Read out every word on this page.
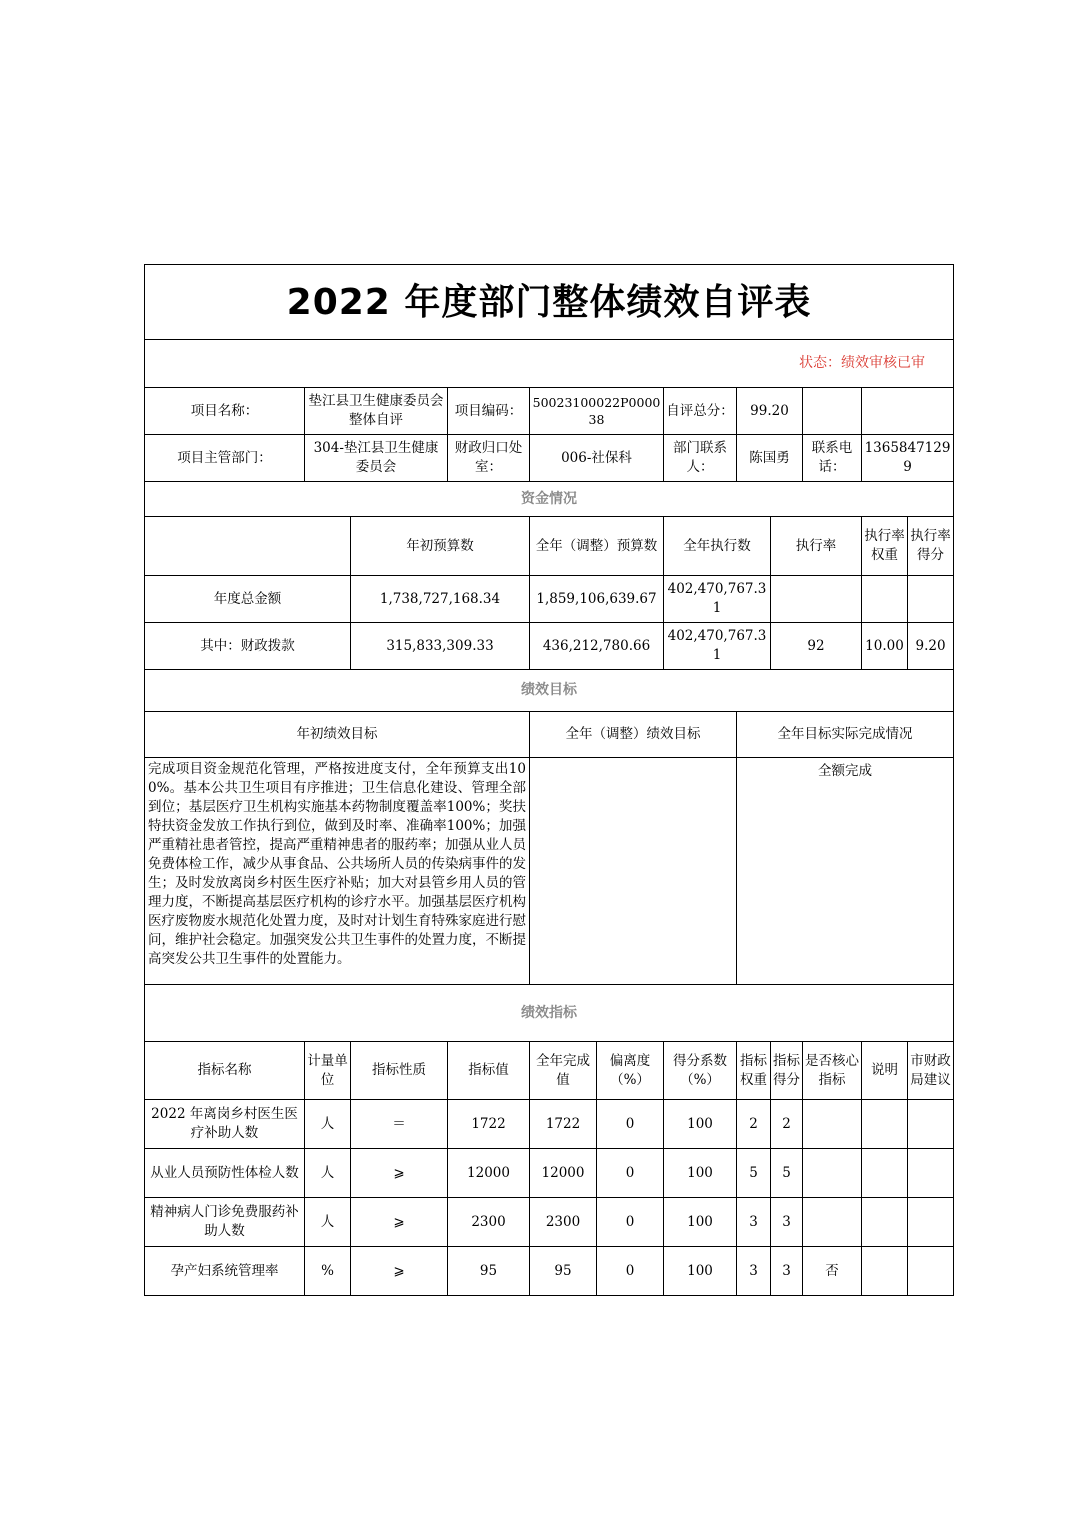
2022 年度部门整体绩效自评表											
状态：绩效审核已审											
项目名称：	垫江县卫生健康委员会整体自评		项目编码：	50023100022P000038		自评总分：	99.20				
项目主管部门：	304-垫江县卫生健康委员会		财政归口处室：	006-社保科		部门联系人：	陈国勇		联系电话：	13658471299	
资金情况											
		年初预算数		全年（调整）预算数		全年执行数		执行率		执行率权重	执行率得分
年度总金额		1,738,727,168.34		1,859,106,639.67		402,470,767.31					
其中：财政拨款		315,833,309.33		436,212,780.66		402,470,767.31		92		10.00	9.20
绩效目标											
年初绩效目标				全年（调整）绩效目标			全年目标实际完成情况				
完成项目资金规范化管理，严格按进度支付，全年预算支出100%。基本公共卫生项目有序推进；卫生信息化建设、管理全部到位；基层医疗卫生机构实施基本药物制度覆盖率100%；奖扶特扶资金发放工作执行到位，做到及时率、准确率100%；加强严重精社患者管控，提高严重精神患者的服药率；加强从业人员免费体检工作，减少从事食品、公共场所人员的传染病事件的发生；及时发放离岗乡村医生医疗补贴；加大对县管乡用人员的管理力度，不断提高基层医疗机构的诊疗水平。加强基层医疗机构医疗废物废水规范化处置力度，及时对计划生育特殊家庭进行慰问，维护社会稳定。加强突发公共卫生事件的处置力度，不断提高突发公共卫生事件的处置能力。							全额完成				
绩效指标											
指标名称	计量单位	指标性质	指标值	全年完成值	偏离度（%）	得分系数（%）	指标权重	指标得分	是否核心指标	说明	市财政局建议
2022 年离岗乡村医生医疗补助人数	人	＝	1722	1722	0	100	2	2			
从业人员预防性体检人数	人	⩾	12000	12000	0	100	5	5			
精神病人门诊免费服药补助人数	人	⩾	2300	2300	0	100	3	3			
孕产妇系统管理率	%	⩾	95	95	0	100	3	3	否		
